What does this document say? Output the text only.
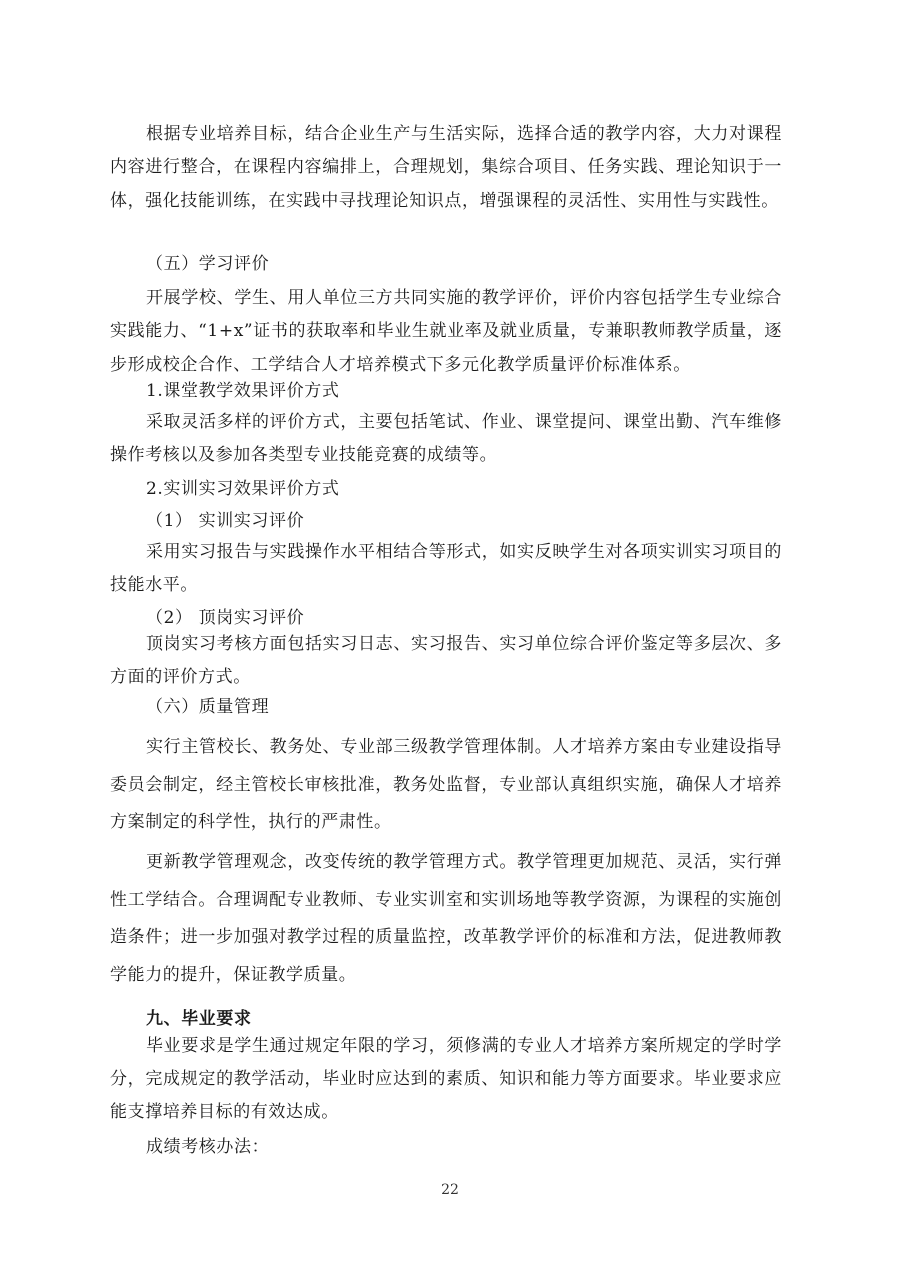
根据专业培养目标，结合企业生产与生活实际，选择合适的教学内容，大力对课程内容进行整合，在课程内容编排上，合理规划，集综合项目、任务实践、理论知识于一体，强化技能训练，在实践中寻找理论知识点，增强课程的灵活性、实用性与实践性。

（五）学习评价

开展学校、学生、用人单位三方共同实施的教学评价，评价内容包括学生专业综合实践能力、“1+x”证书的获取率和毕业生就业率及就业质量，专兼职教师教学质量，逐步形成校企合作、工学结合人才培养模式下多元化教学质量评价标准体系。

1.课堂教学效果评价方式

采取灵活多样的评价方式，主要包括笔试、作业、课堂提问、课堂出勤、汽车维修操作考核以及参加各类型专业技能竞赛的成绩等。

2.实训实习效果评价方式

（1） 实训实习评价

采用实习报告与实践操作水平相结合等形式，如实反映学生对各项实训实习项目的技能水平。

（2） 顶岗实习评价

顶岗实习考核方面包括实习日志、实习报告、实习单位综合评价鉴定等多层次、多方面的评价方式。

（六）质量管理

实行主管校长、教务处、专业部三级教学管理体制。人才培养方案由专业建设指导委员会制定，经主管校长审核批准，教务处监督，专业部认真组织实施，确保人才培养方案制定的科学性，执行的严肃性。

更新教学管理观念，改变传统的教学管理方式。教学管理更加规范、灵活，实行弹性工学结合。合理调配专业教师、专业实训室和实训场地等教学资源，为课程的实施创造条件；进一步加强对教学过程的质量监控，改革教学评价的标准和方法，促进教师教学能力的提升，保证教学质量。

九、毕业要求

毕业要求是学生通过规定年限的学习，须修满的专业人才培养方案所规定的学时学分，完成规定的教学活动，毕业时应达到的素质、知识和能力等方面要求。毕业要求应能支撑培养目标的有效达成。

成绩考核办法：

22
